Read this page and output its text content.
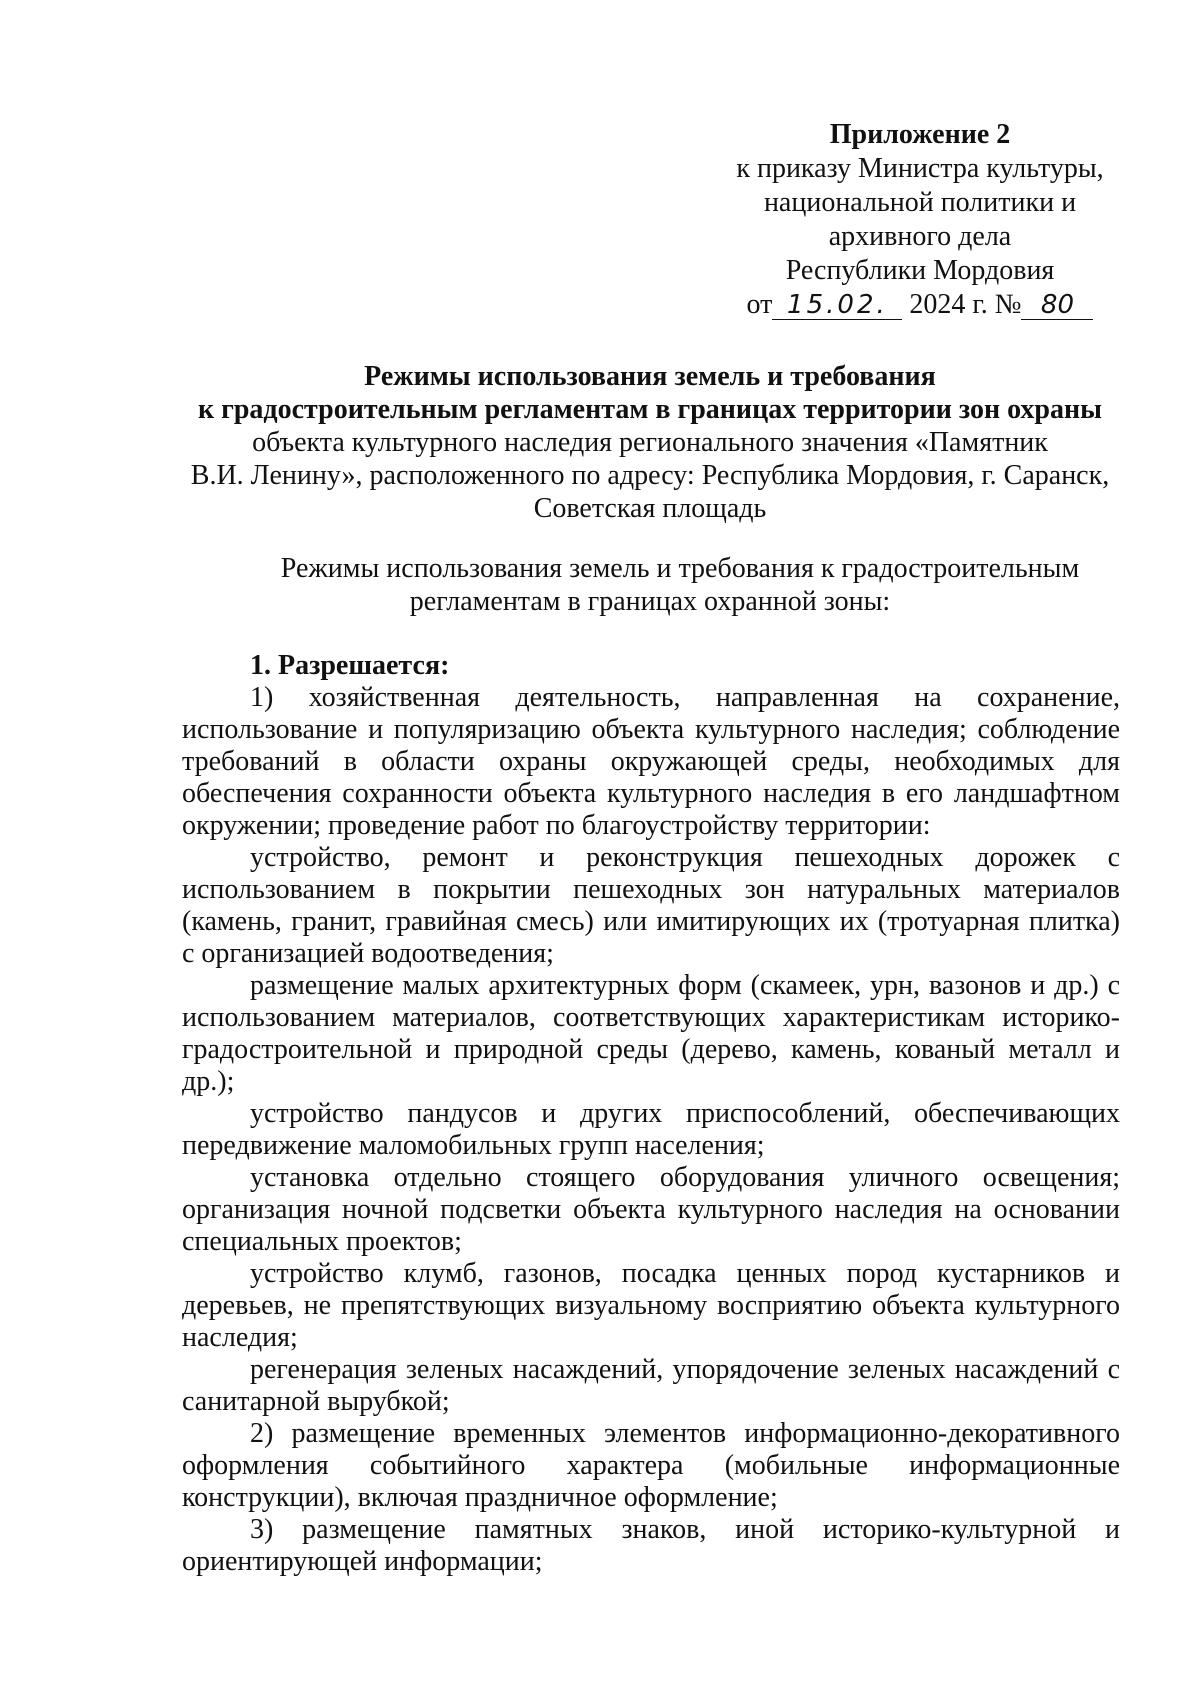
Приложение 2
к приказу Министра культуры,
национальной политики и
архивного дела
Республики Мордовия
от 15.02. 2024 г. № 80
Режимы использования земель и требования
к градостроительным регламентам в границах территории зон охраны
объекта культурного наследия регионального значения «Памятник
В.И. Ленину», расположенного по адресу: Республика Мордовия, г. Саранск,
Советская площадь
Режимы использования земель и требования к градостроительным
регламентам в границах охранной зоны:
1. Разрешается:

1) хозяйственная деятельность, направленная на сохранение, использование и популяризацию объекта культурного наследия; соблюдение требований в области охраны окружающей среды, необходимых для обеспечения сохранности объекта культурного наследия в его ландшафтном окружении; проведение работ по благоустройству территории:

устройство, ремонт и реконструкция пешеходных дорожек с использованием в покрытии пешеходных зон натуральных материалов (камень, гранит, гравийная смесь) или имитирующих их (тротуарная плитка) с организацией водоотведения;

размещение малых архитектурных форм (скамеек, урн, вазонов и др.) с использованием материалов, соответствующих характеристикам историко-градостроительной и природной среды (дерево, камень, кованый металл и др.);

устройство пандусов и других приспособлений, обеспечивающих передвижение маломобильных групп населения;

установка отдельно стоящего оборудования уличного освещения; организация ночной подсветки объекта культурного наследия на основании специальных проектов;

устройство клумб, газонов, посадка ценных пород кустарников и деревьев, не препятствующих визуальному восприятию объекта культурного наследия;

регенерация зеленых насаждений, упорядочение зеленых насаждений с санитарной вырубкой;

2) размещение временных элементов информационно-декоративного оформления событийного характера (мобильные информационные конструкции), включая праздничное оформление;

3) размещение памятных знаков, иной историко-культурной и ориентирующей информации;
